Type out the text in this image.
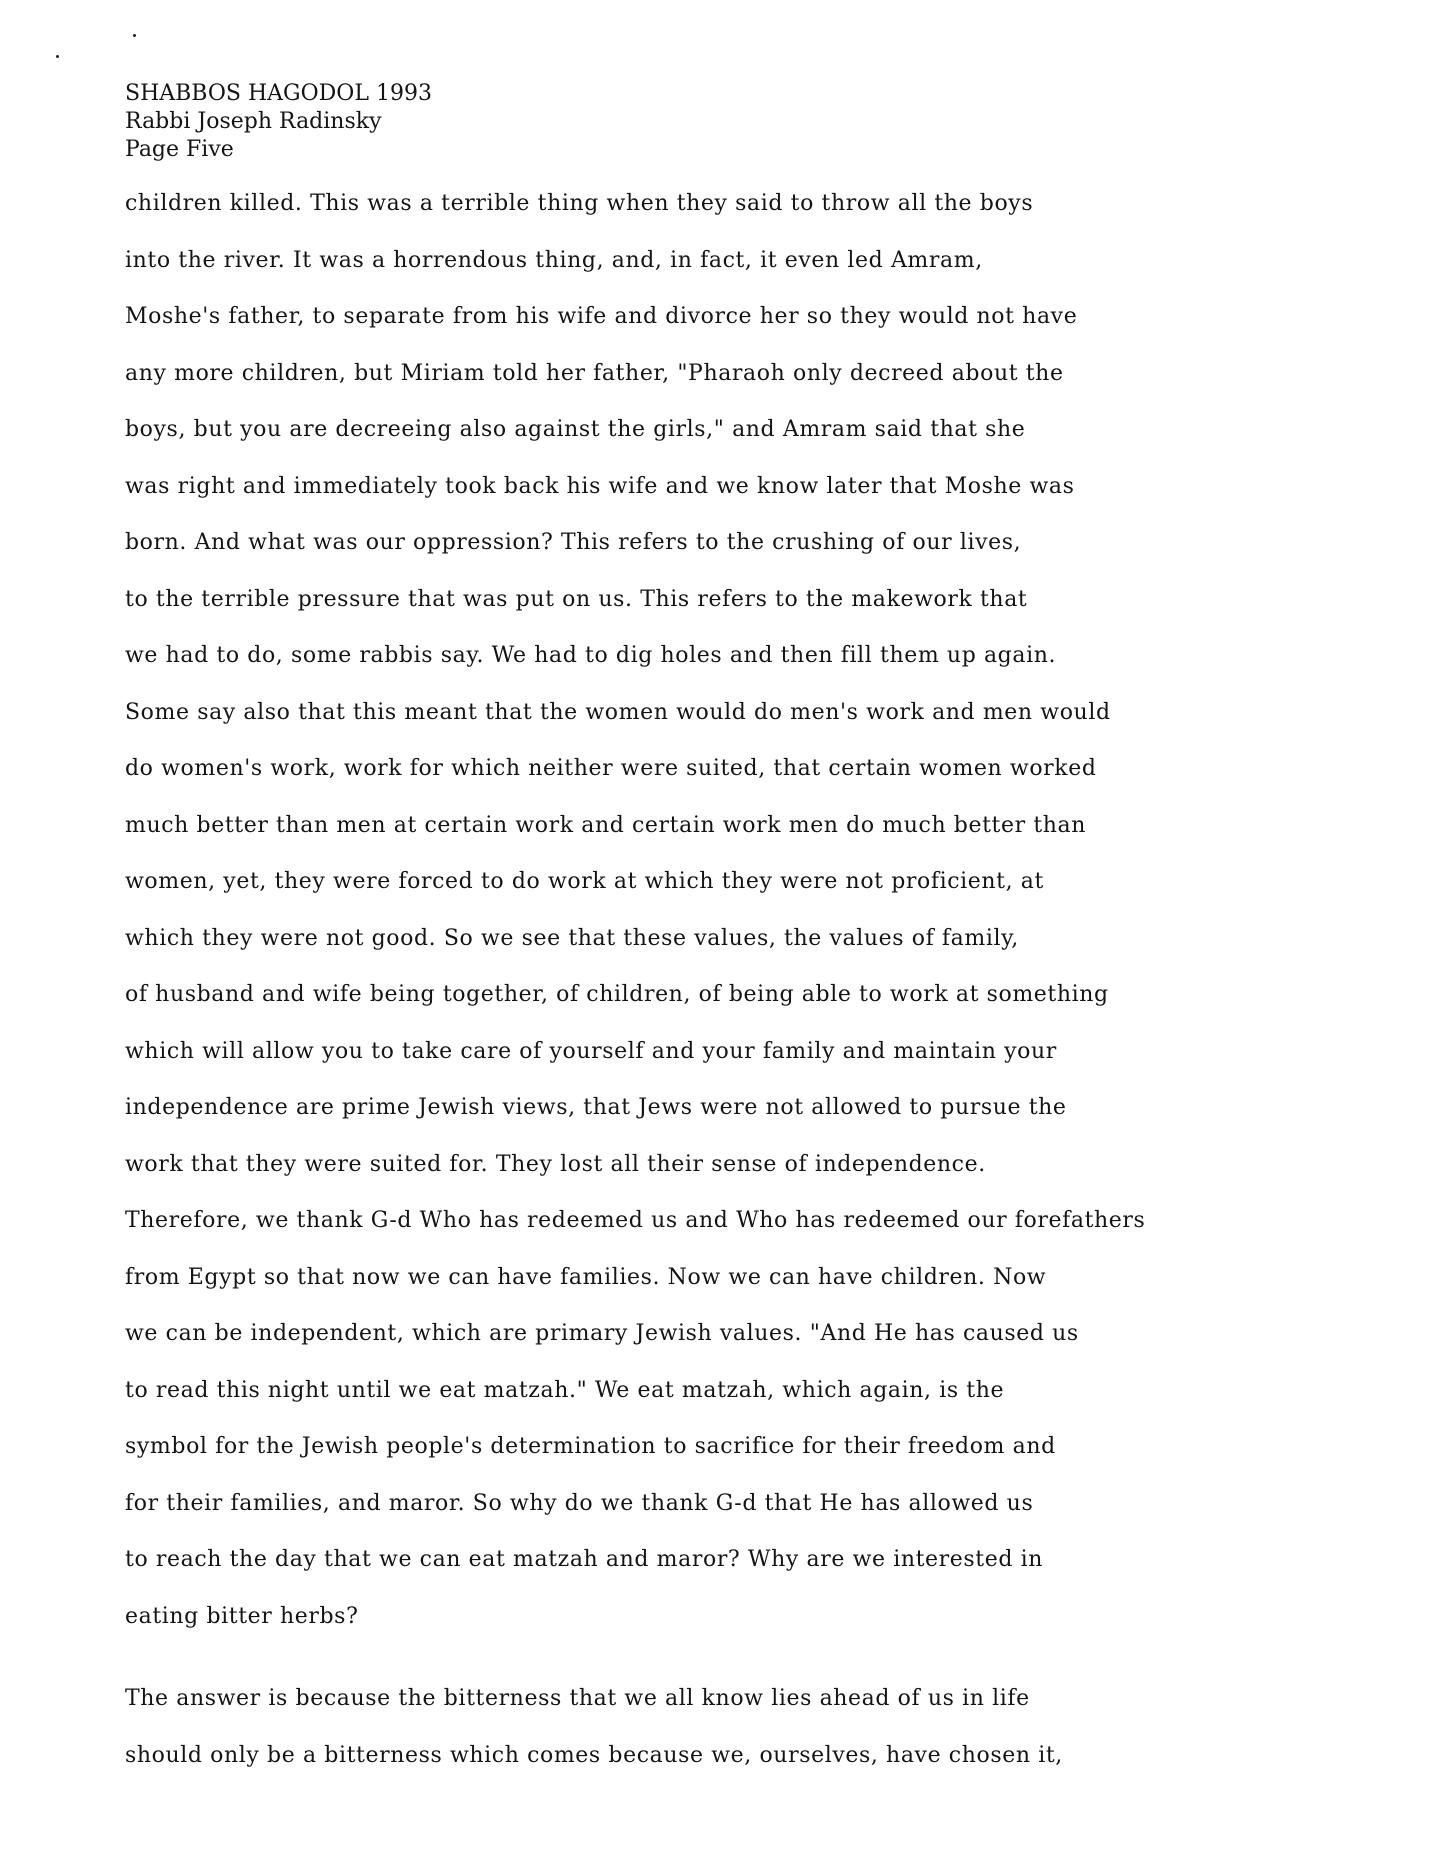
SHABBOS HAGODOL 1993
Rabbi Joseph Radinsky
Page Five
children killed. This was a terrible thing when they said to throw all the boys
into the river. It was a horrendous thing, and, in fact, it even led Amram,
Moshe's father, to separate from his wife and divorce her so they would not have
any more children, but Miriam told her father, "Pharaoh only decreed about the
boys, but you are decreeing also against the girls," and Amram said that she
was right and immediately took back his wife and we know later that Moshe was
born. And what was our oppression? This refers to the crushing of our lives,
to the terrible pressure that was put on us. This refers to the makework that
we had to do, some rabbis say. We had to dig holes and then fill them up again.
Some say also that this meant that the women would do men's work and men would
do women's work, work for which neither were suited, that certain women worked
much better than men at certain work and certain work men do much better than
women, yet, they were forced to do work at which they were not proficient, at
which they were not good. So we see that these values, the values of family,
of husband and wife being together, of children, of being able to work at something
which will allow you to take care of yourself and your family and maintain your
independence are prime Jewish views, that Jews were not allowed to pursue the
work that they were suited for. They lost all their sense of independence.
Therefore, we thank G-d Who has redeemed us and Who has redeemed our forefathers
from Egypt so that now we can have families. Now we can have children. Now
we can be independent, which are primary Jewish values. "And He has caused us
to read this night until we eat matzah." We eat matzah, which again, is the
symbol for the Jewish people's determination to sacrifice for their freedom and
for their families, and maror. So why do we thank G-d that He has allowed us
to reach the day that we can eat matzah and maror? Why are we interested in
eating bitter herbs?
The answer is because the bitterness that we all know lies ahead of us in life
should only be a bitterness which comes because we, ourselves, have chosen it,
